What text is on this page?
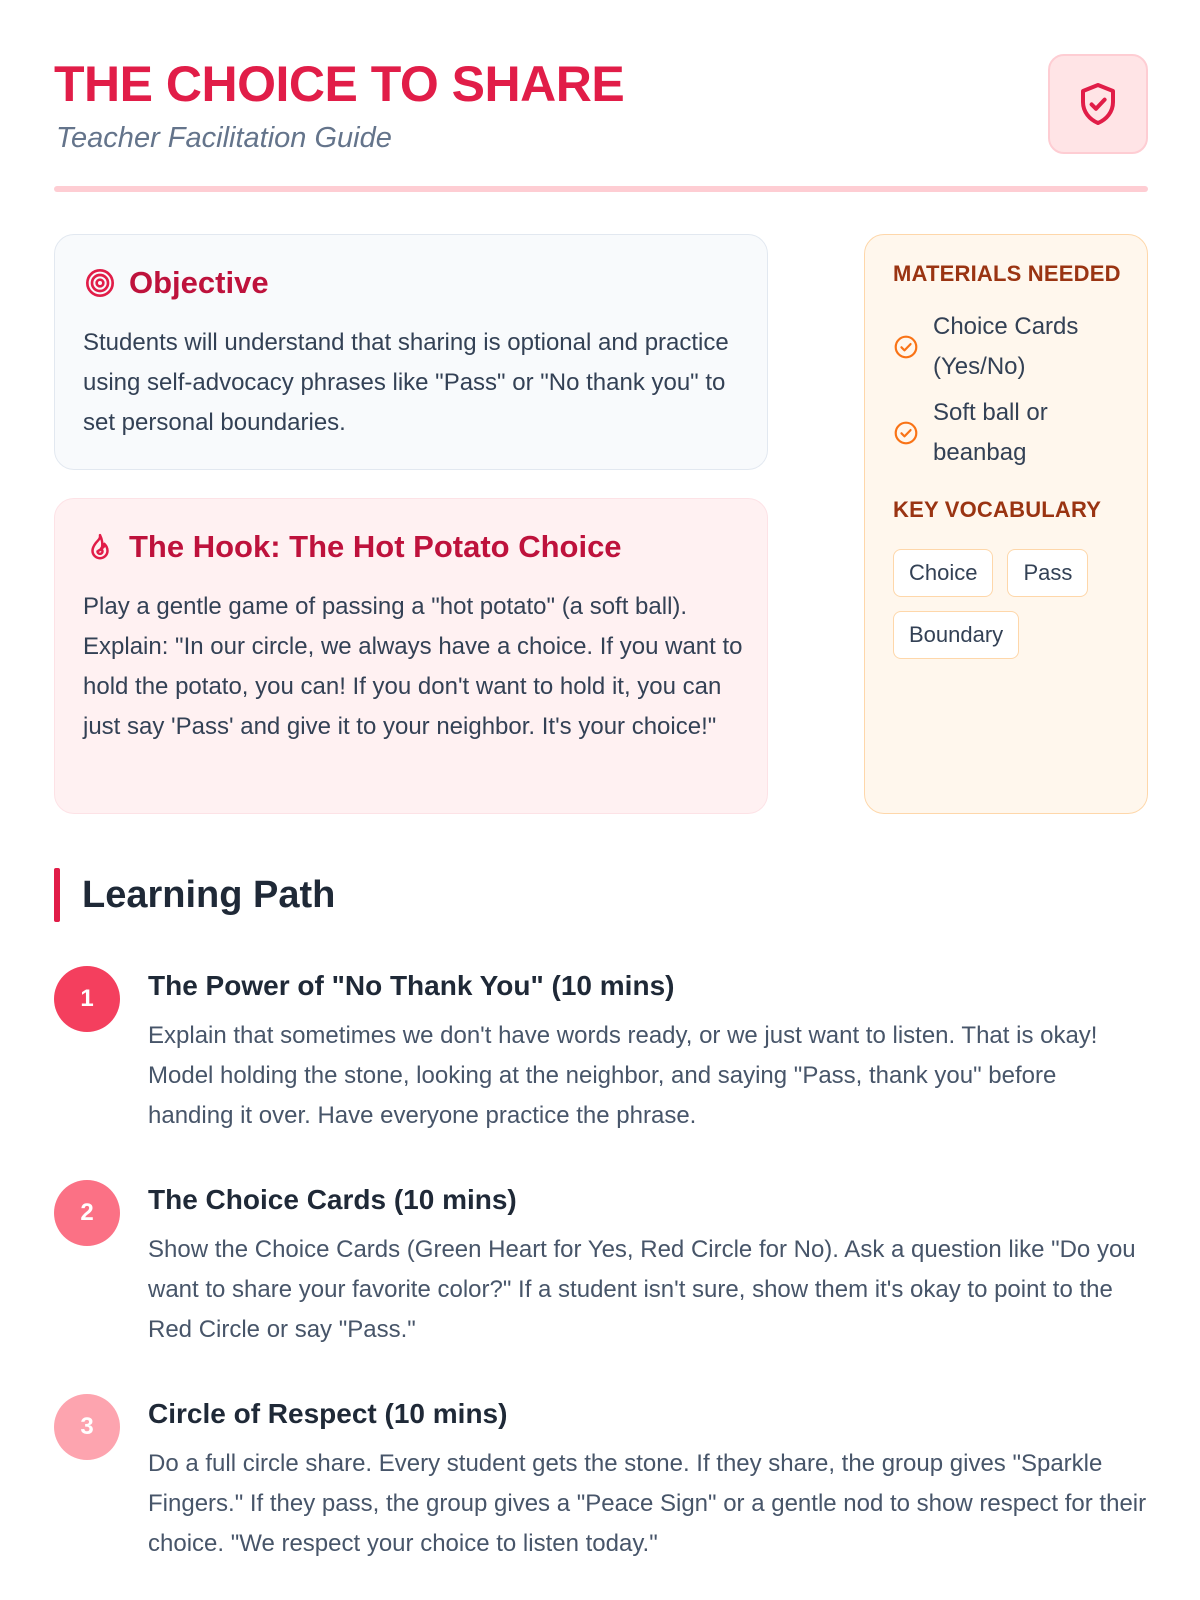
THE CHOICE TO SHARE
Teacher Facilitation Guide
Objective
Students will understand that sharing is optional and practice using self-advocacy phrases like "Pass" or "No thank you" to set personal boundaries.
The Hook: The Hot Potato Choice
Play a gentle game of passing a "hot potato" (a soft ball). Explain: "In our circle, we always have a choice. If you want to hold the potato, you can! If you don't want to hold it, you can just say 'Pass' and give it to your neighbor. It's your choice!"
MATERIALS NEEDED
Choice Cards (Yes/No)
Soft ball or beanbag
KEY VOCABULARY
Choice	Pass
Boundary
Learning Path
1	The Power of "No Thank You" (10 mins)
Explain that sometimes we don't have words ready, or we just want to listen. That is okay! Model holding the stone, looking at the neighbor, and saying "Pass, thank you" before handing it over. Have everyone practice the phrase.
2	The Choice Cards (10 mins)
Show the Choice Cards (Green Heart for Yes, Red Circle for No). Ask a question like "Do you want to share your favorite color?" If a student isn't sure, show them it's okay to point to the Red Circle or say "Pass."
3	Circle of Respect (10 mins)
Do a full circle share. Every student gets the stone. If they share, the group gives "Sparkle Fingers." If they pass, the group gives a "Peace Sign" or a gentle nod to show respect for their choice. "We respect your choice to listen today."
